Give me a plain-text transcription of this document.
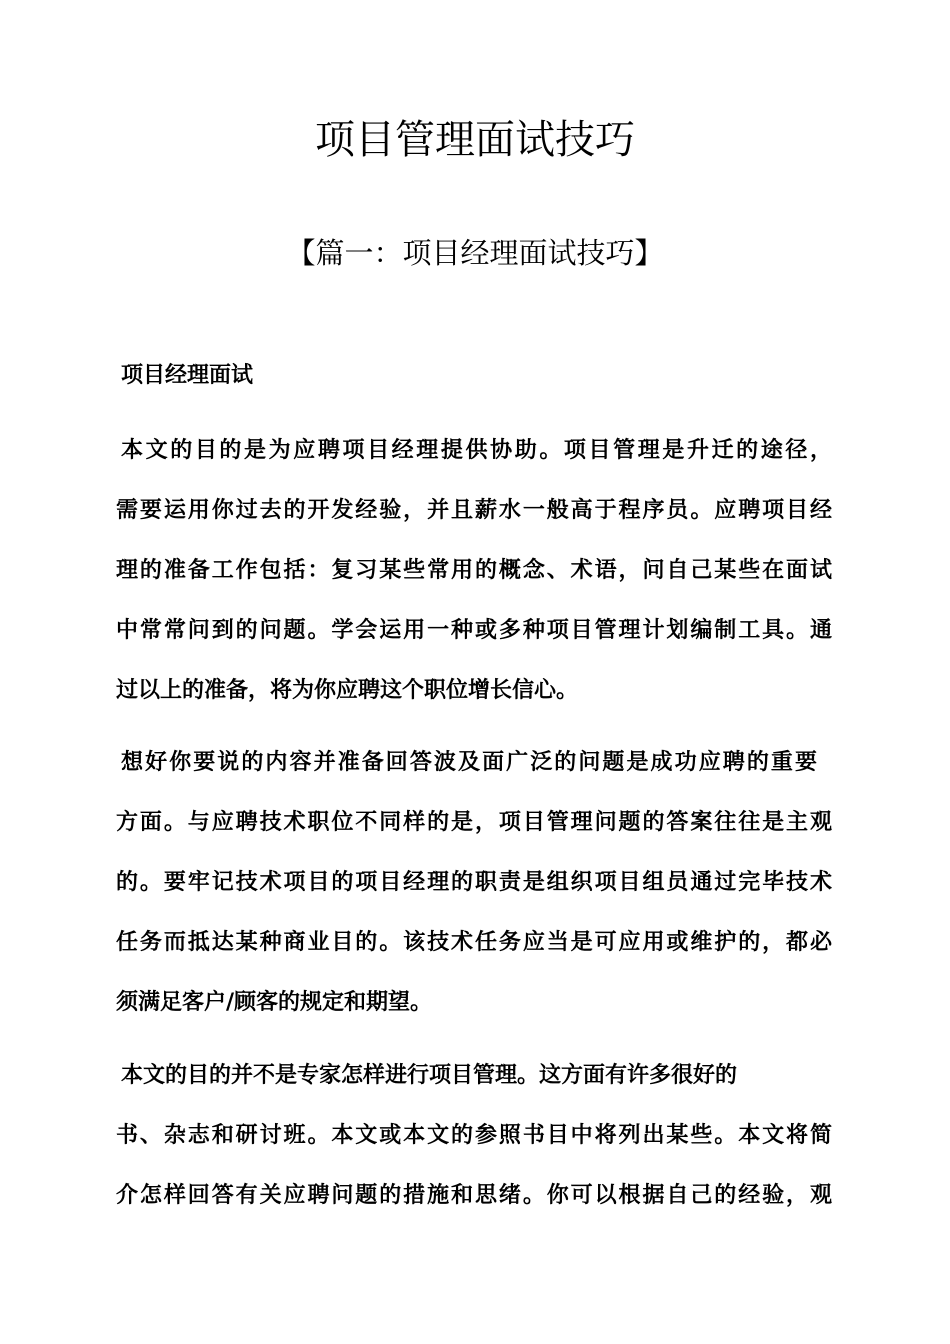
项目管理面试技巧
【篇一：项目经理面试技巧】
项目经理面试

本文的目的是为应聘项目经理提供协助。项目管理是升迁的途径，

需要运用你过去的开发经验，并且薪水一般高于程序员。应聘项目经

理的准备工作包括：复习某些常用的概念、术语，问自己某些在面试

中常常问到的问题。学会运用一种或多种项目管理计划编制工具。通

过以上的准备，将为你应聘这个职位增长信心。

想好你要说的内容并准备回答波及面广泛的问题是成功应聘的重要

方面。与应聘技术职位不同样的是，项目管理问题的答案往往是主观

的。要牢记技术项目的项目经理的职责是组织项目组员通过完毕技术

任务而抵达某种商业目的。该技术任务应当是可应用或维护的，都必

须满足客户/顾客的规定和期望。

本文的目的并不是专家怎样进行项目管理。这方面有许多很好的

书、杂志和研讨班。本文或本文的参照书目中将列出某些。本文将简

介怎样回答有关应聘问题的措施和思绪。你可以根据自己的经验，观
